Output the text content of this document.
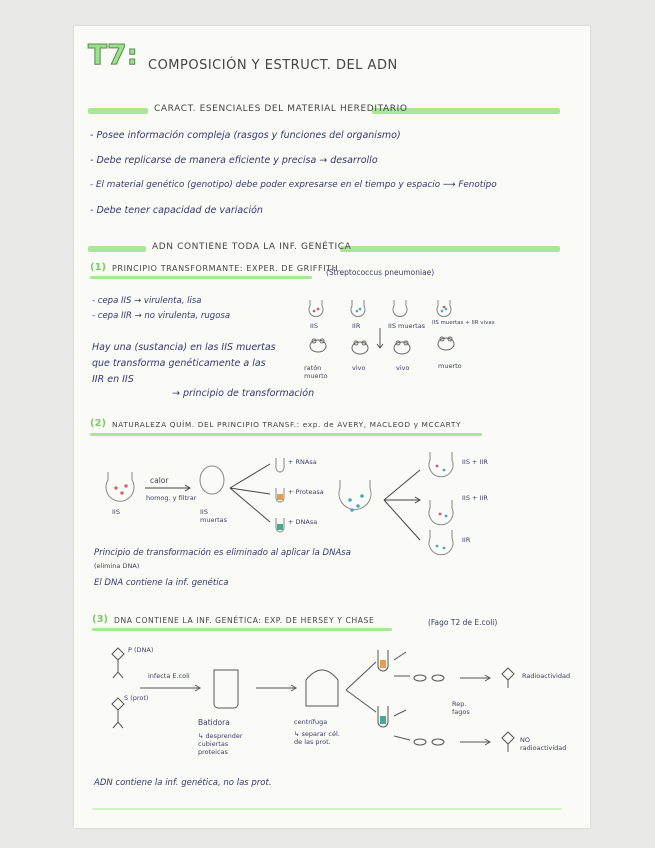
T7: COMPOSICIÓN Y ESTRUCT. DEL ADN
CARACT. ESENCIALES DEL MATERIAL HEREDITARIO
- Posee información compleja (rasgos y funciones del organismo)
- Debe replicarse de manera eficiente y precisa → desarrollo
- El material genético (genotipo) debe poder expresarse en el tiempo y espacio ⟶ Fenotipo
- Debe tener capacidad de variación
ADN CONTIENE TODA LA INF. GENÉTICA
(1) PRINCIPIO TRANSFORMANTE: EXPER. DE GRIFFITH
(Streptococcus pneumoniae)
- cepa IIS → virulenta, lisa
- cepa IIR → no virulenta, rugosa
Hay una (sustancia) en las IIS muertas
que transforma genéticamente a las
IIR en IIS
→ principio de transformación
IIS	IIR	IIS muertas IIS muertas + IIR vivas
ratón muerto
vivo	vivo	muerto
(2) NATURALEZA QUÍM. DEL PRINCIPIO TRANSF.: exp. de AVERY, MACLEOD y MCCARTY
calor
homog. y filtrar
IIS	IIS muertas
+ RNAsa
+ Proteasa
+ DNAsa
IIS + IIR
IIS + IIR
IIR
Principio de transformación es eliminado al aplicar la DNAsa
(elimina DNA)
El DNA contiene la inf. genética
(3) DNA CONTIENE LA INF. GENÉTICA: EXP. DE HERSEY Y CHASE	(Fago T2 de E.coli)
P (DNA)
S (prot)
infecta E.coli
Batidora
↳ desprender cubiertas proteicas
centrífuga
↳ separar cél. de las prot.
Rep. fagos
Radioactividad
NO radioactividad
ADN contiene la inf. genética, no las prot.
